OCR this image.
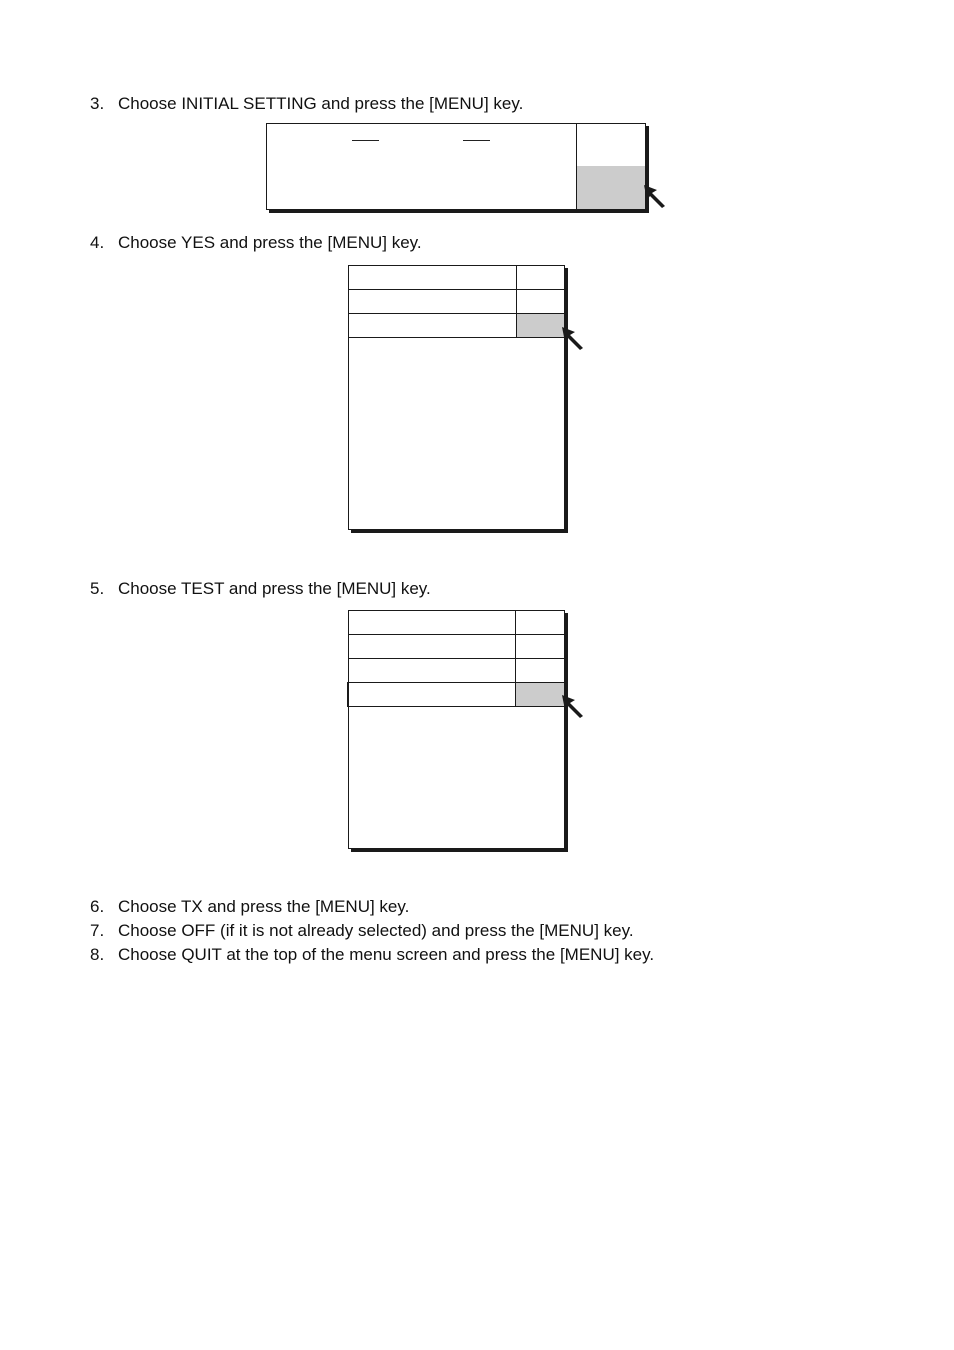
3. Choose INITIAL SETTING and press the [MENU] key.
4. Choose YES and press the [MENU] key.
5. Choose TEST and press the [MENU] key.
6. Choose TX and press the [MENU] key.
7. Choose OFF (if it is not already selected) and press the [MENU] key.
8. Choose QUIT at the top of the menu screen and press the [MENU] key.
